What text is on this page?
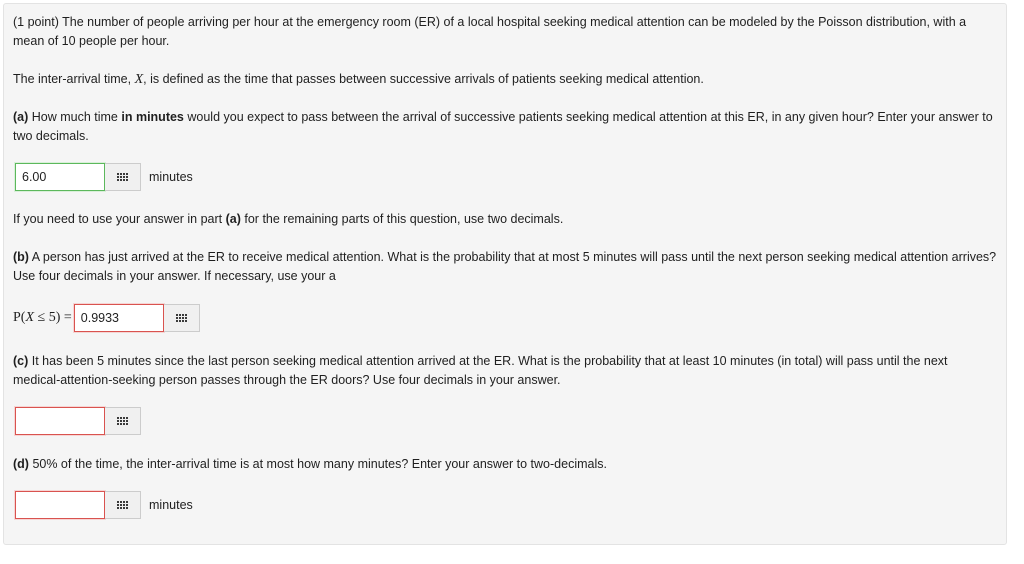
(1 point) The number of people arriving per hour at the emergency room (ER) of a local hospital seeking medical attention can be modeled by the Poisson distribution, with a mean of 10 people per hour.

The inter-arrival time, X, is defined as the time that passes between successive arrivals of patients seeking medical attention.

(a) How much time in minutes would you expect to pass between the arrival of successive patients seeking medical attention at this ER, in any given hour? Enter your answer to two decimals.

6.00
minutes

If you need to use your answer in part (a) for the remaining parts of this question, use two decimals.

(b) A person has just arrived at the ER to receive medical attention. What is the probability that at most 5 minutes will pass until the next person seeking medical attention arrives? Use four decimals in your answer. If necessary, use your a

P(X ≤ 5) =
0.9933

(c) It has been 5 minutes since the last person seeking medical attention arrived at the ER. What is the probability that at least 10 minutes (in total) will pass until the next medical-attention-seeking person passes through the ER doors? Use four decimals in your answer.

(d) 50% of the time, the inter-arrival time is at most how many minutes? Enter your answer to two-decimals.

minutes
